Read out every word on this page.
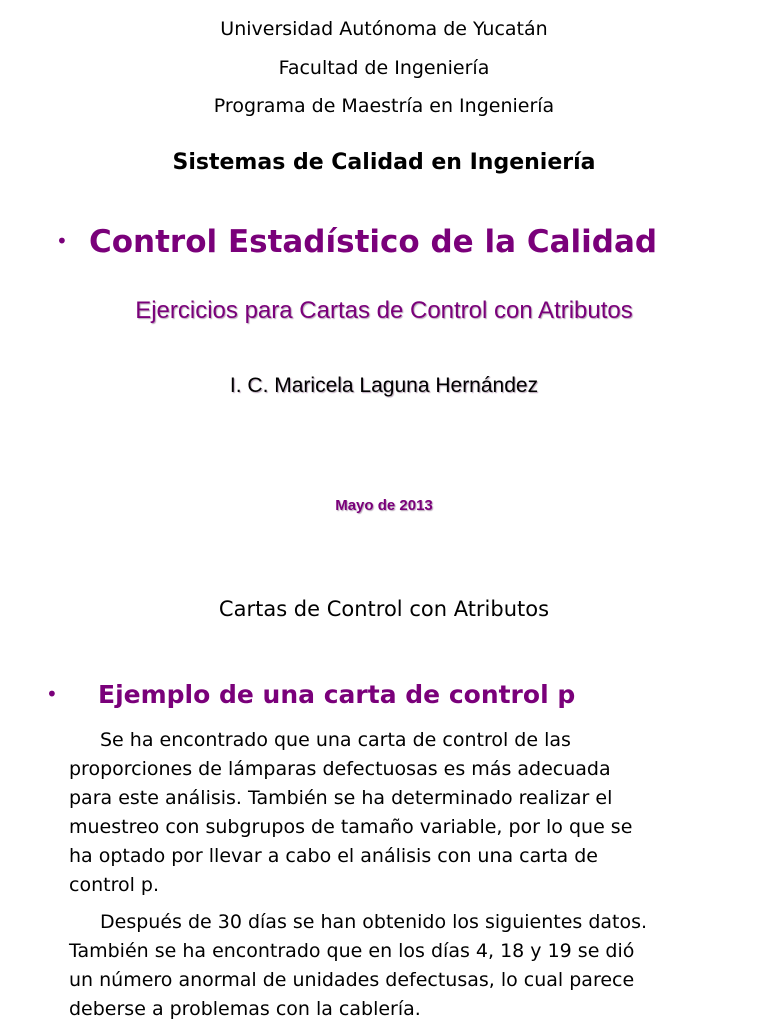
Universidad Autónoma de Yucatán
Facultad de Ingeniería
Programa de Maestría en Ingeniería
Sistemas de Calidad en Ingeniería
• Control Estadístico de la Calidad
Ejercicios para Cartas de Control con Atributos
I. C. Maricela Laguna Hernández
Mayo de 2013
Cartas de Control con Atributos
• Ejemplo de una carta de control p
Se ha encontrado que una carta de control de las
proporciones de lámparas defectuosas es más adecuada
para este análisis. También se ha determinado realizar el
muestreo con subgrupos de tamaño variable, por lo que se
ha optado por llevar a cabo el análisis con una carta de
control p.
Después de 30 días se han obtenido los siguientes datos.
También se ha encontrado que en los días 4, 18 y 19 se dió
un número anormal de unidades defectusas, lo cual parece
deberse a problemas con la cablería.
